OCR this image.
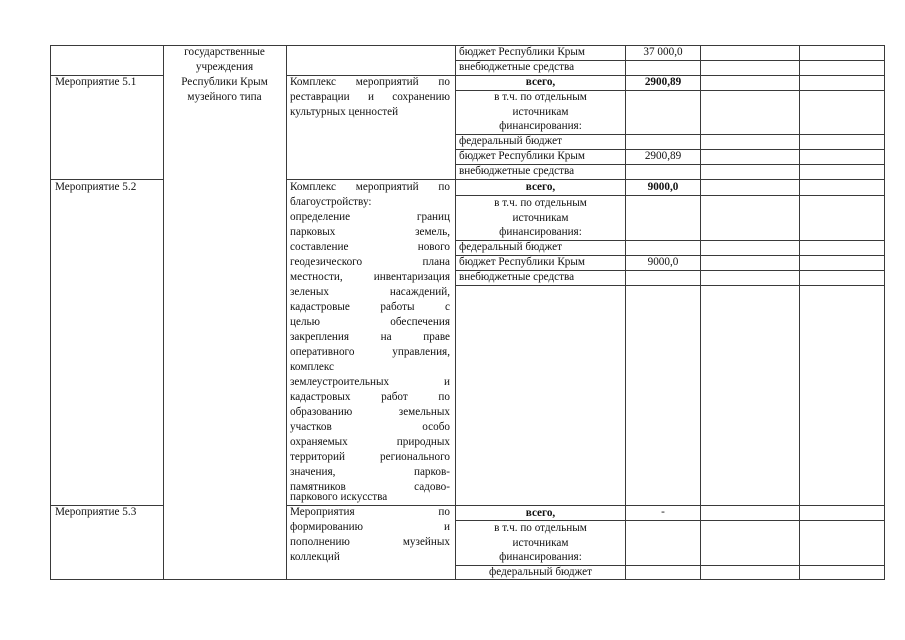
государственные
учреждения
Республики Крым
музейного типа
бюджет Республики Крым	37 000,0
внебюджетные средства
Мероприятие 5.1	Комплекс мероприятий по
реставрации и сохранению
культурных ценностей
всего,	2900,89
в т.ч. по отдельным
источникам
финансирования:
федеральный бюджет
бюджет Республики Крым	2900,89
внебюджетные средства
Мероприятие 5.2	Комплекс мероприятий по
благоустройству:
определение границ
парковых земель,
составление нового
геодезического плана
местности, инвентаризация
зеленых насаждений,
кадастровые работы с
целью обеспечения
закрепления на праве
оперативного управления,
комплекс
землеустроительных и
кадастровых работ по
образованию земельных
участков особо
охраняемых природных
территорий регионального
значения, парков-
памятников садово-
паркового искусства
всего,	9000,0
в т.ч. по отдельным
источникам
финансирования:
федеральный бюджет
бюджет Республики Крым	9000,0
внебюджетные средства
Мероприятие 5.3	Мероприятия по
формированию и
пополнению музейных
коллекций
всего,	-
в т.ч. по отдельным
источникам
финансирования:
федеральный бюджет
